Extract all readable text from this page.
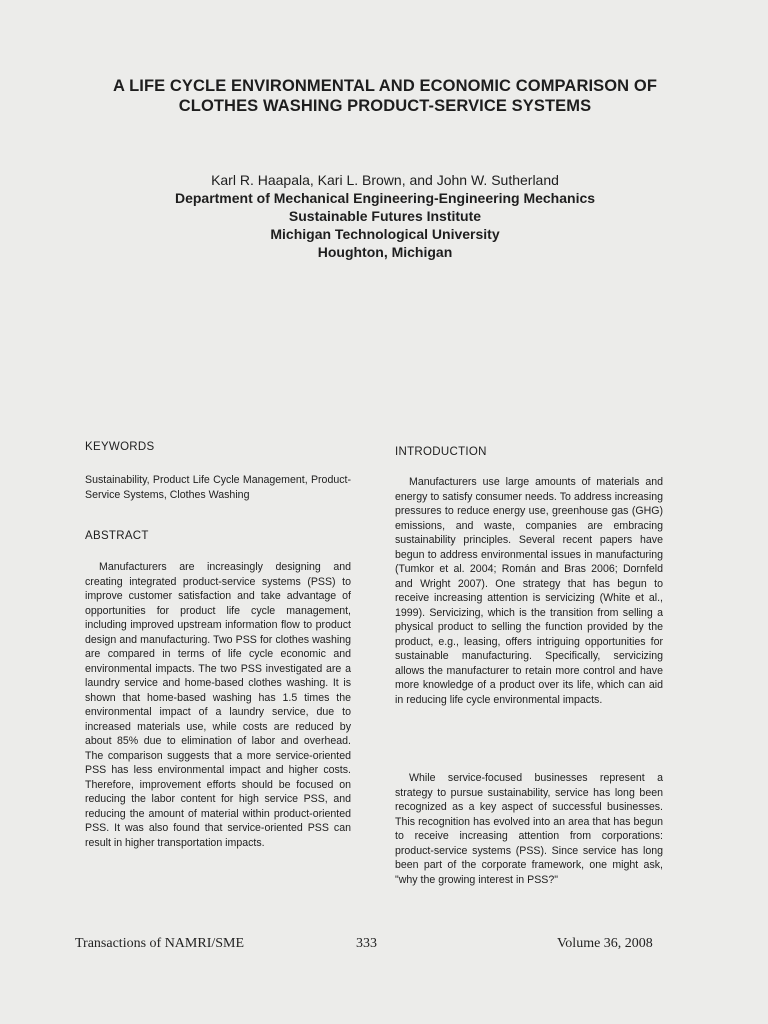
A LIFE CYCLE ENVIRONMENTAL AND ECONOMIC COMPARISON OF
CLOTHES WASHING PRODUCT-SERVICE SYSTEMS

Karl R. Haapala, Kari L. Brown, and John W. Sutherland

Department of Mechanical Engineering-Engineering Mechanics
Sustainable Futures Institute
Michigan Technological University
Houghton, Michigan
KEYWORDS

Sustainability, Product Life Cycle Management, Product-Service Systems, Clothes Washing

ABSTRACT

Manufacturers are increasingly designing and creating integrated product-service systems (PSS) to improve customer satisfaction and take advantage of opportunities for product life cycle management, including improved upstream information flow to product design and manufacturing. Two PSS for clothes washing are compared in terms of life cycle economic and environmental impacts. The two PSS investigated are a laundry service and home-based clothes washing. It is shown that home-based washing has 1.5 times the environmental impact of a laundry service, due to increased materials use, while costs are reduced by about 85% due to elimination of labor and overhead. The comparison suggests that a more service-oriented PSS has less environmental impact and higher costs. Therefore, improvement efforts should be focused on reducing the labor content for high service PSS, and reducing the amount of material within product-oriented PSS. It was also found that service-oriented PSS can result in higher transportation impacts.

INTRODUCTION

Manufacturers use large amounts of materials and energy to satisfy consumer needs. To address increasing pressures to reduce energy use, greenhouse gas (GHG) emissions, and waste, companies are embracing sustainability principles. Several recent papers have begun to address environmental issues in manufacturing (Tumkor et al. 2004; Román and Bras 2006; Dornfeld and Wright 2007). One strategy that has begun to receive increasing attention is servicizing (White et al., 1999). Servicizing, which is the transition from selling a physical product to selling the function provided by the product, e.g., leasing, offers intriguing opportunities for sustainable manufacturing. Specifically, servicizing allows the manufacturer to retain more control and have more knowledge of a product over its life, which can aid in reducing life cycle environmental impacts.

While service-focused businesses represent a strategy to pursue sustainability, service has long been recognized as a key aspect of successful businesses. This recognition has evolved into an area that has begun to receive increasing attention from corporations: product-service systems (PSS). Since service has long been part of the corporate framework, one might ask, "why the growing interest in PSS?"

Transactions of NAMRI/SME	333	Volume 36, 2008
